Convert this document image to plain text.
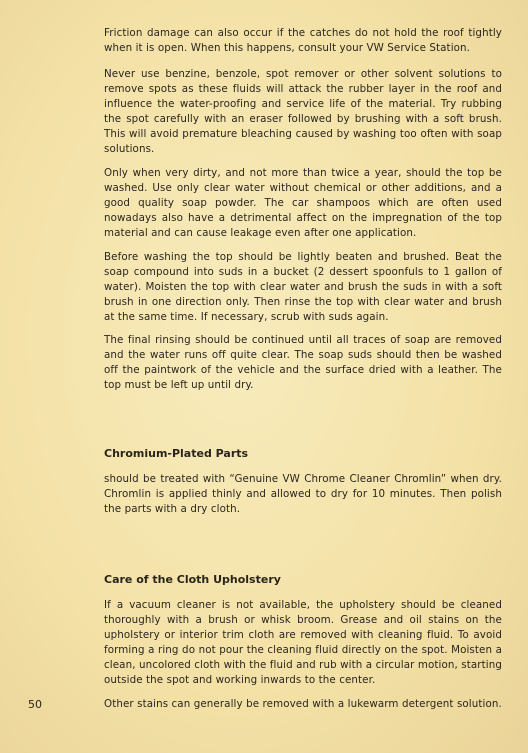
Friction damage can also occur if the catches do not hold the roof tightly when it is open. When this happens, consult your VW Service Station.

Never use benzine, benzole, spot remover or other solvent solutions to remove spots as these fluids will attack the rubber layer in the roof and influence the water-proofing and service life of the material. Try rubbing the spot carefully with an eraser followed by brushing with a soft brush. This will avoid premature bleaching caused by washing too often with soap solutions.

Only when very dirty, and not more than twice a year, should the top be washed. Use only clear water without chemical or other additions, and a good quality soap powder. The car shampoos which are often used nowadays also have a detrimental affect on the impregnation of the top material and can cause leakage even after one application.

Before washing the top should be lightly beaten and brushed. Beat the soap compound into suds in a bucket (2 dessert spoonfuls to 1 gallon of water). Moisten the top with clear water and brush the suds in with a soft brush in one direction only. Then rinse the top with clear water and brush at the same time. If necessary, scrub with suds again.

The final rinsing should be continued until all traces of soap are removed and the water runs off quite clear. The soap suds should then be washed off the paintwork of the vehicle and the surface dried with a leather. The top must be left up until dry.

Chromium-Plated Parts

should be treated with “Genuine VW Chrome Cleaner Chromlin” when dry. Chromlin is applied thinly and allowed to dry for 10 minutes. Then polish the parts with a dry cloth.

Care of the Cloth Upholstery

If a vacuum cleaner is not available, the upholstery should be cleaned thoroughly with a brush or whisk broom. Grease and oil stains on the upholstery or interior trim cloth are removed with cleaning fluid. To avoid forming a ring do not pour the cleaning fluid directly on the spot. Moisten a clean, uncolored cloth with the fluid and rub with a circular motion, starting outside the spot and working inwards to the center.

50	Other stains can generally be removed with a lukewarm detergent solution.
